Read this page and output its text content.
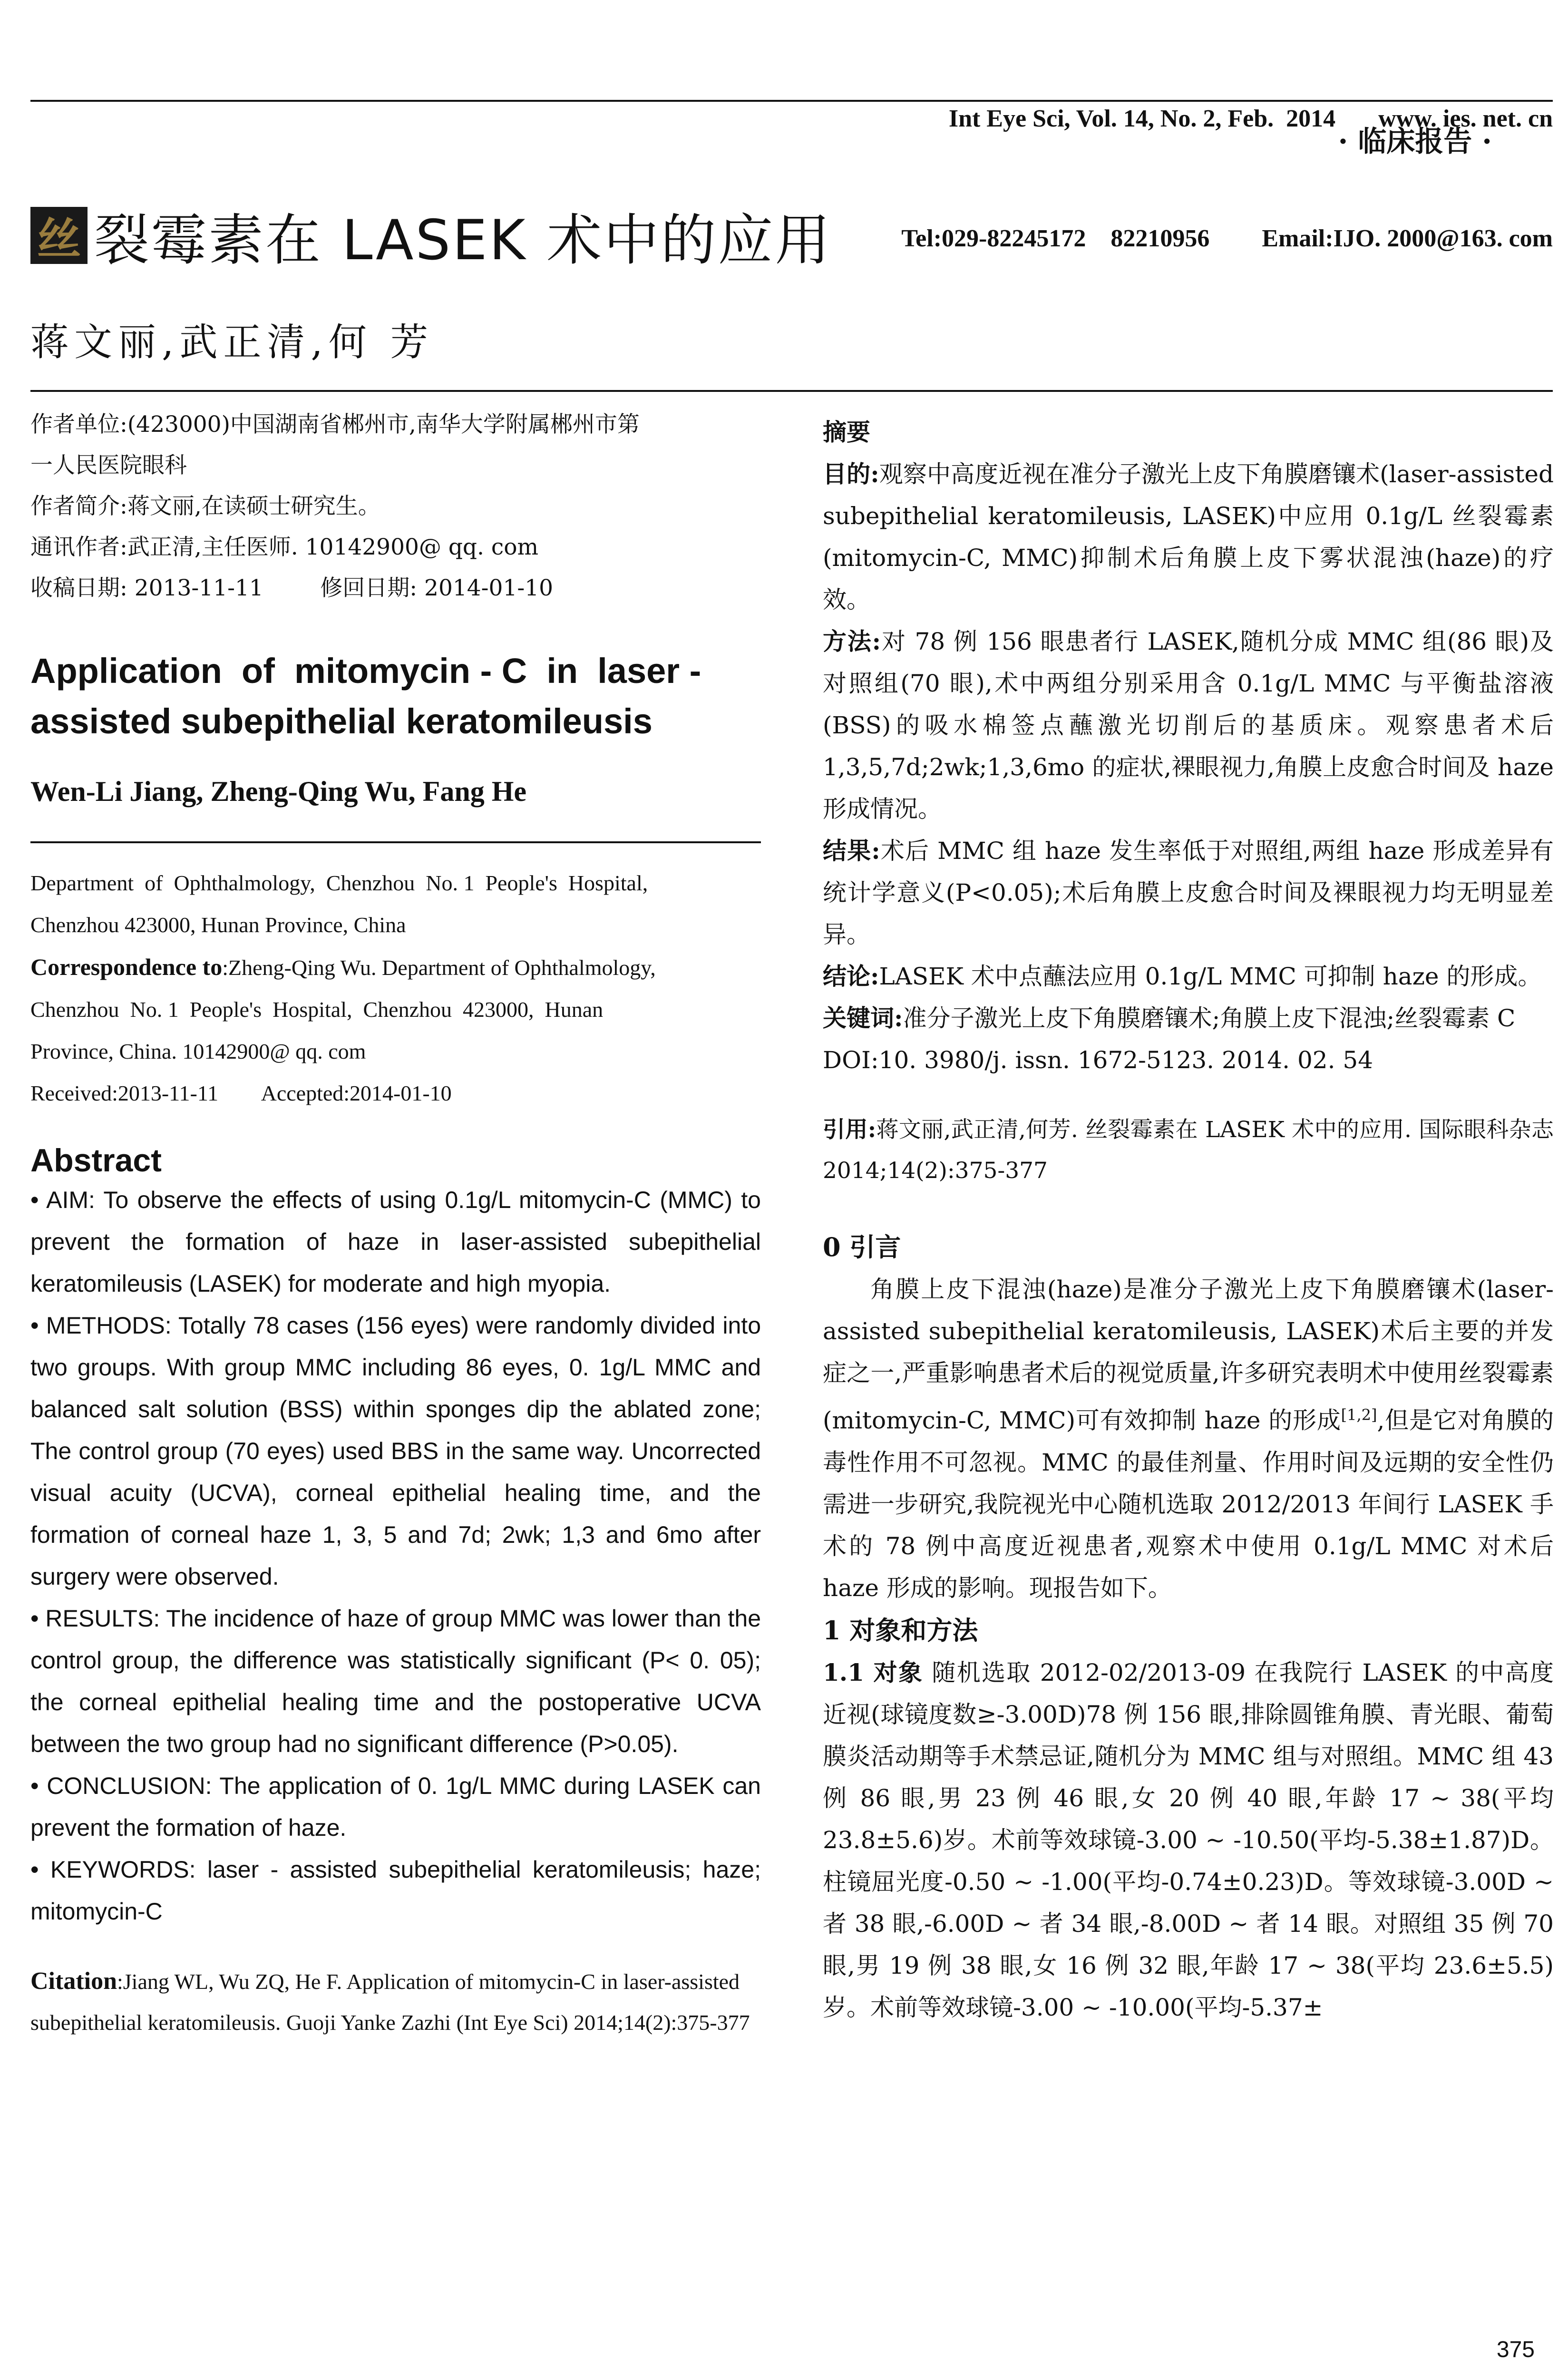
Int Eye Sci, Vol. 14, No. 2, Feb.  2014 www. ies. net. cn

Tel:029-82245172    82210956 Email:IJO. 2000@163. com

· 临床报告 ·
丝 裂霉素在 LASEK 术中的应用
蒋文丽,武正清,何 芳

作者单位:(423000)中国湖南省郴州市,南华大学附属郴州市第

一人民医院眼科

作者简介:蒋文丽,在读硕士研究生。

通讯作者:武正清,主任医师. 10142900@ qq. com

收稿日期: 2013-11-11        修回日期: 2014-01-10

Application  of  mitomycin - C  in  laser -

assisted subepithelial keratomileusis

Wen-Li Jiang, Zheng-Qing Wu, Fang He

Department  of  Ophthalmology,  Chenzhou  No. 1  People's  Hospital,

Chenzhou 423000, Hunan Province, China

Correspondence to:Zheng-Qing Wu. Department of Ophthalmology,

Chenzhou  No. 1  People's  Hospital,  Chenzhou  423000,  Hunan

Province, China. 10142900@ qq. com

Received:2013-11-11        Accepted:2014-01-10

Abstract

• AIM: To observe the effects of using 0.1g/L mitomycin-C (MMC) to prevent the formation of haze in laser-assisted subepithelial keratomileusis (LASEK) for moderate and high myopia.

• METHODS: Totally 78 cases (156 eyes) were randomly divided into two groups. With group MMC including 86 eyes, 0. 1g/L MMC and balanced salt solution (BSS) within sponges dip the ablated zone; The control group (70 eyes) used BBS in the same way. Uncorrected visual acuity (UCVA), corneal epithelial healing time, and the formation of corneal haze 1, 3, 5 and 7d; 2wk; 1,3 and 6mo after surgery were observed.

• RESULTS: The incidence of haze of group MMC was lower than the control group, the difference was statistically significant (P< 0. 05); the corneal epithelial healing time and the postoperative UCVA between the two group had no significant difference (P>0.05).

• CONCLUSION: The application of 0. 1g/L MMC during LASEK can prevent the formation of haze.

• KEYWORDS: laser - assisted subepithelial keratomileusis; haze; mitomycin-C

Citation:Jiang WL, Wu ZQ, He F. Application of mitomycin-C in laser-assisted subepithelial keratomileusis. Guoji Yanke Zazhi (Int Eye Sci) 2014;14(2):375-377

摘要

目的:观察中高度近视在准分子激光上皮下角膜磨镶术(laser-assisted subepithelial keratomileusis, LASEK)中应用 0.1g/L 丝裂霉素(mitomycin-C, MMC)抑制术后角膜上皮下雾状混浊(haze)的疗效。

方法:对 78 例 156 眼患者行 LASEK,随机分成 MMC 组(86 眼)及对照组(70 眼),术中两组分别采用含 0.1g/L MMC 与平衡盐溶液(BSS)的吸水棉签点蘸激光切削后的基质床。观察患者术后 1,3,5,7d;2wk;1,3,6mo 的症状,裸眼视力,角膜上皮愈合时间及 haze 形成情况。

结果:术后 MMC 组 haze 发生率低于对照组,两组 haze 形成差异有统计学意义(P<0.05);术后角膜上皮愈合时间及裸眼视力均无明显差异。

结论:LASEK 术中点蘸法应用 0.1g/L MMC 可抑制 haze 的形成。

关键词:准分子激光上皮下角膜磨镶术;角膜上皮下混浊;丝裂霉素 C

DOI:10. 3980/j. issn. 1672-5123. 2014. 02. 54

引用:蒋文丽,武正清,何芳. 丝裂霉素在 LASEK 术中的应用. 国际眼科杂志 2014;14(2):375-377

0 引言

角膜上皮下混浊(haze)是准分子激光上皮下角膜磨镶术(laser-assisted subepithelial keratomileusis, LASEK)术后主要的并发症之一,严重影响患者术后的视觉质量,许多研究表明术中使用丝裂霉素(mitomycin-C, MMC)可有效抑制 haze 的形成[1,2],但是它对角膜的毒性作用不可忽视。MMC 的最佳剂量、作用时间及远期的安全性仍需进一步研究,我院视光中心随机选取 2012/2013 年间行 LASEK 手术的 78 例中高度近视患者,观察术中使用 0.1g/L MMC 对术后 haze 形成的影响。现报告如下。

1 对象和方法

1.1 对象 随机选取 2012-02/2013-09 在我院行 LASEK 的中高度近视(球镜度数≥-3.00D)78 例 156 眼,排除圆锥角膜、青光眼、葡萄膜炎活动期等手术禁忌证,随机分为 MMC 组与对照组。MMC 组 43 例 86 眼,男 23 例 46 眼,女 20 例 40 眼,年龄 17 ~ 38(平均 23.8±5.6)岁。术前等效球镜-3.00 ~ -10.50(平均-5.38±1.87)D。柱镜屈光度-0.50 ~ -1.00(平均-0.74±0.23)D。等效球镜-3.00D ~ 者 38 眼,-6.00D ~ 者 34 眼,-8.00D ~ 者 14 眼。对照组 35 例 70 眼,男 19 例 38 眼,女 16 例 32 眼,年龄 17 ~ 38(平均 23.6±5.5)岁。术前等效球镜-3.00 ~ -10.00(平均-5.37±

375
